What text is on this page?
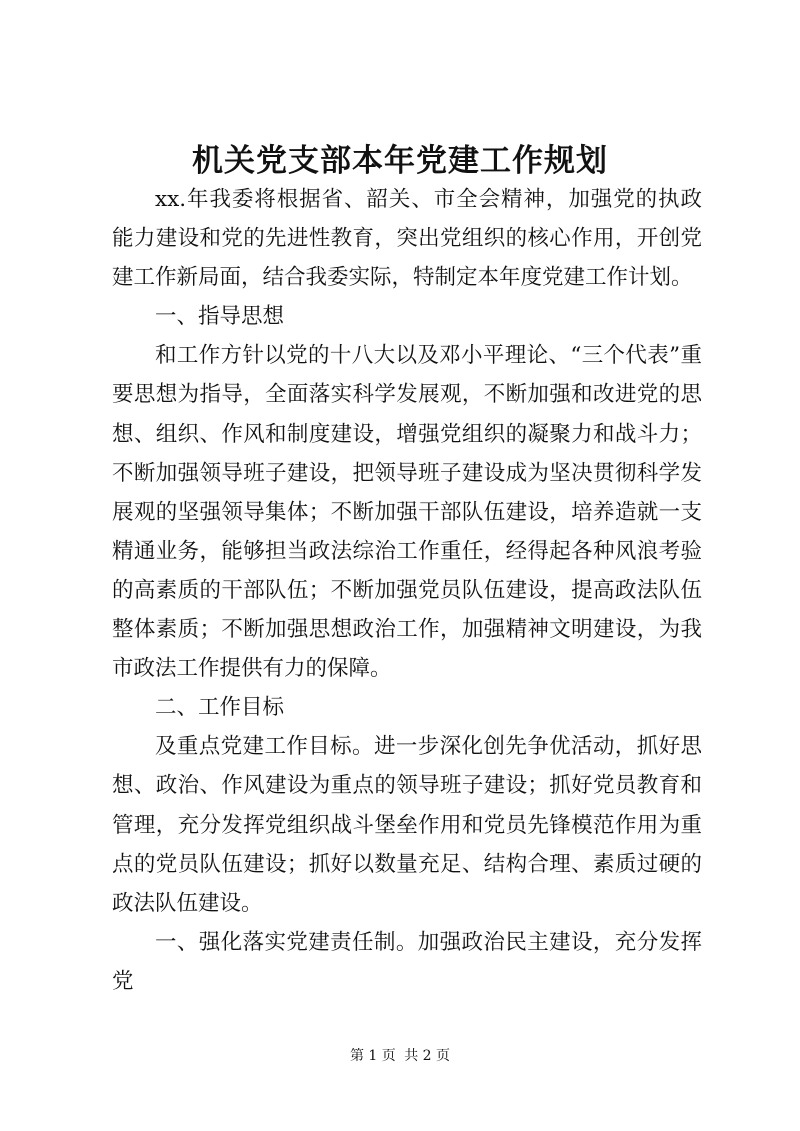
机关党支部本年党建工作规划

xx.年我委将根据省、韶关、市全会精神，加强党的执政能力建设和党的先进性教育，突出党组织的核心作用，开创党建工作新局面，结合我委实际，特制定本年度党建工作计划。

一、指导思想

和工作方针以党的十八大以及邓小平理论、“三个代表”重要思想为指导，全面落实科学发展观，不断加强和改进党的思想、组织、作风和制度建设，增强党组织的凝聚力和战斗力；不断加强领导班子建设，把领导班子建设成为坚决贯彻科学发展观的坚强领导集体；不断加强干部队伍建设，培养造就一支精通业务，能够担当政法综治工作重任，经得起各种风浪考验的高素质的干部队伍；不断加强党员队伍建设，提高政法队伍整体素质；不断加强思想政治工作，加强精神文明建设，为我市政法工作提供有力的保障。

二、工作目标

及重点党建工作目标。进一步深化创先争优活动，抓好思想、政治、作风建设为重点的领导班子建设；抓好党员教育和管理，充分发挥党组织战斗堡垒作用和党员先锋模范作用为重点的党员队伍建设；抓好以数量充足、结构合理、素质过硬的政法队伍建设。

一、强化落实党建责任制。加强政治民主建设，充分发挥党

第 1 页 共 2 页
